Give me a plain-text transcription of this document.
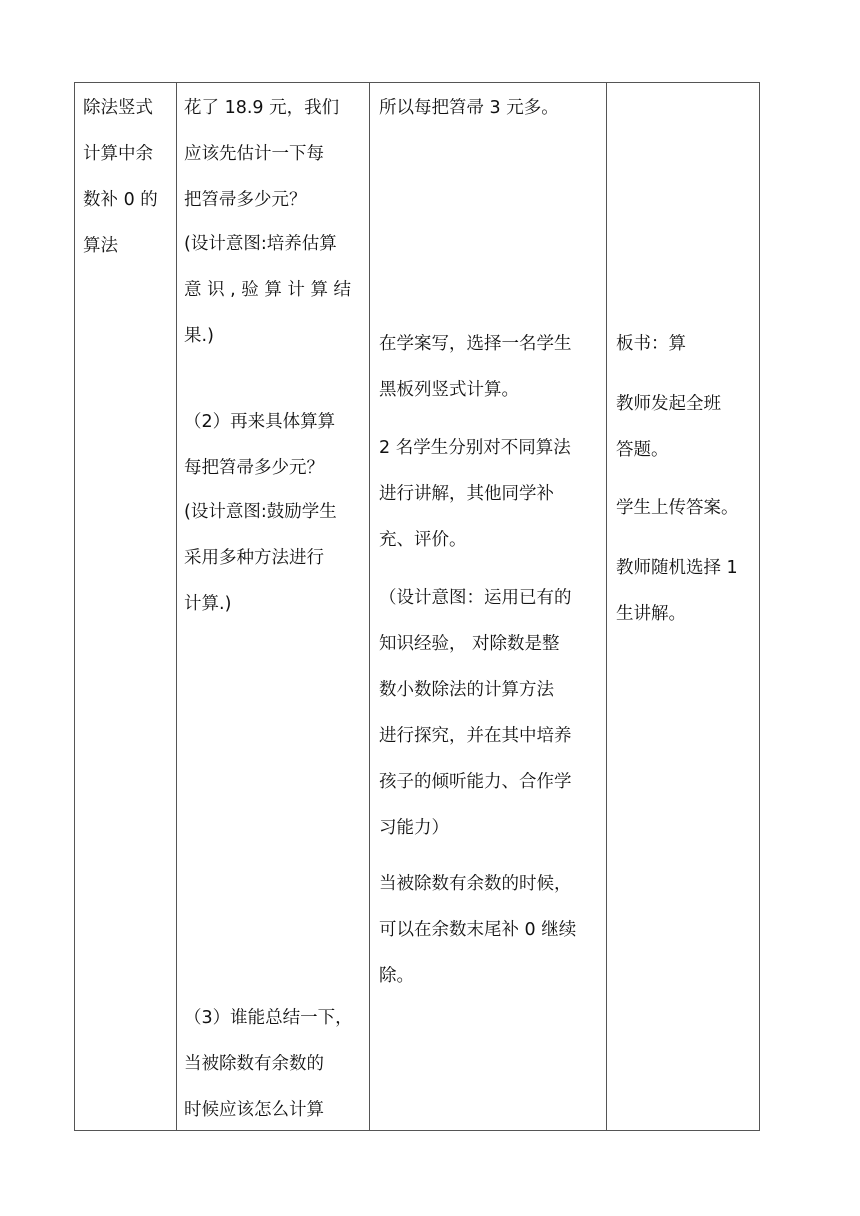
除法竖式
计算中余
数补 0 的
算法
花了 18.9 元，我们
应该先估计一下每
把笤帚多少元？
(设计意图:培养估算
意 识 , 验 算 计 算 结
果.)
（2）再来具体算算
每把笤帚多少元？
(设计意图:鼓励学生
采用多种方法进行
计算.)
（3）谁能总结一下，
当被除数有余数的
时候应该怎么计算
所以每把笤帚 3 元多。
在学案写，选择一名学生
黑板列竖式计算。
2 名学生分别对不同算法
进行讲解，其他同学补
充、评价。
（设计意图：运用已有的
知识经验， 对除数是整
数小数除法的计算方法
进行探究，并在其中培养
孩子的倾听能力、合作学
习能力）
当被除数有余数的时候，
可以在余数末尾补 0 继续
除。
板书：算
教师发起全班
答题。
学生上传答案。
教师随机选择 1
生讲解。
